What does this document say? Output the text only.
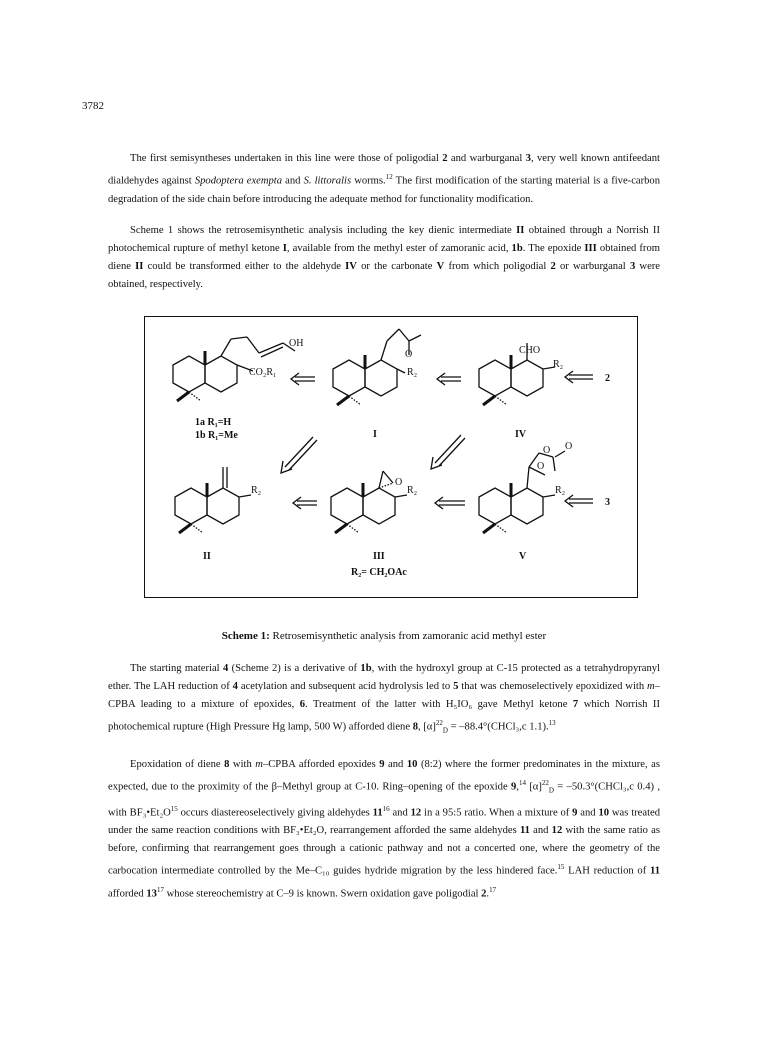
3782

The first semisyntheses undertaken in this line were those of poligodial 2 and warburganal 3, very well known antifeedant dialdehydes against Spodoptera exempta and S. littoralis worms.$^{12}$ The first modification of the starting material is a five-carbon degradation of the side chain before introducing the adequate method for functionality modification.

Scheme 1 shows the retrosemisynthetic analysis including the key dienic intermediate II obtained through a Norrish II photochemical rupture of methyl ketone I, available from the methyl ester of zamoranic acid, 1b. The epoxide III obtained from diene II could be transformed either to the aldehyde IV or the carbonate V from which poligodial 2 or warburganal 3 were obtained, respectively.

OH
CO₂R₁
1a R₁=H
1b R₁=Me
O
R₂
I
CHO
R₂
2
IV
R₂
II
O
R₂
III
R₂= CH₂OAc
O O
O
R₂
3
V
Scheme 1: Retrosemisynthetic analysis from zamoranic acid methyl ester

The starting material 4 (Scheme 2) is a derivative of 1b, with the hydroxyl group at C-15 protected as a tetrahydropyranyl ether. The LAH reduction of 4 acetylation and subsequent acid hydrolysis led to 5 that was chemoselectively epoxidized with m–CPBA leading to a mixture of epoxides, 6. Treatment of the latter with H₅IO₆ gave Methyl ketone 7 which Norrish II photochemical rupture (High Pressure Hg lamp, 500 W) afforded diene 8, $[\alpha]^{22}_D$ = –88.4°(CHCl₃,c 1.1).$^{13}$

Epoxidation of diene 8 with m–CPBA afforded epoxides 9 and 10 (8:2) where the former predominates in the mixture, as expected, due to the proximity of the β–Methyl group at C-10. Ring–opening of the epoxide 9,14 $[\alpha]^{22}_D$ = –50.3°(CHCl₃,c 0.4) , with $BF_3•Et_2O^{15}$ occurs diastereoselectively giving aldehydes $11^{16}$ and 12 in a 95:5 ratio. When a mixture of 9 and 10 was treated under the same reaction conditions with BF₃•Et₂O, rearrangement afforded the same aldehydes 11 and 12 with the same ratio as before, confirming that rearrangement goes through a cationic pathway and not a concerted one, where the geometry of the carbocation intermediate controlled by the Me–C₁₀ guides hydride migration by the less hindered face.$^{15}$ LAH reduction of 11 afforded $13^{17}$ whose stereochemistry at C–9 is known. Swern oxidation gave poligodial 2.17
